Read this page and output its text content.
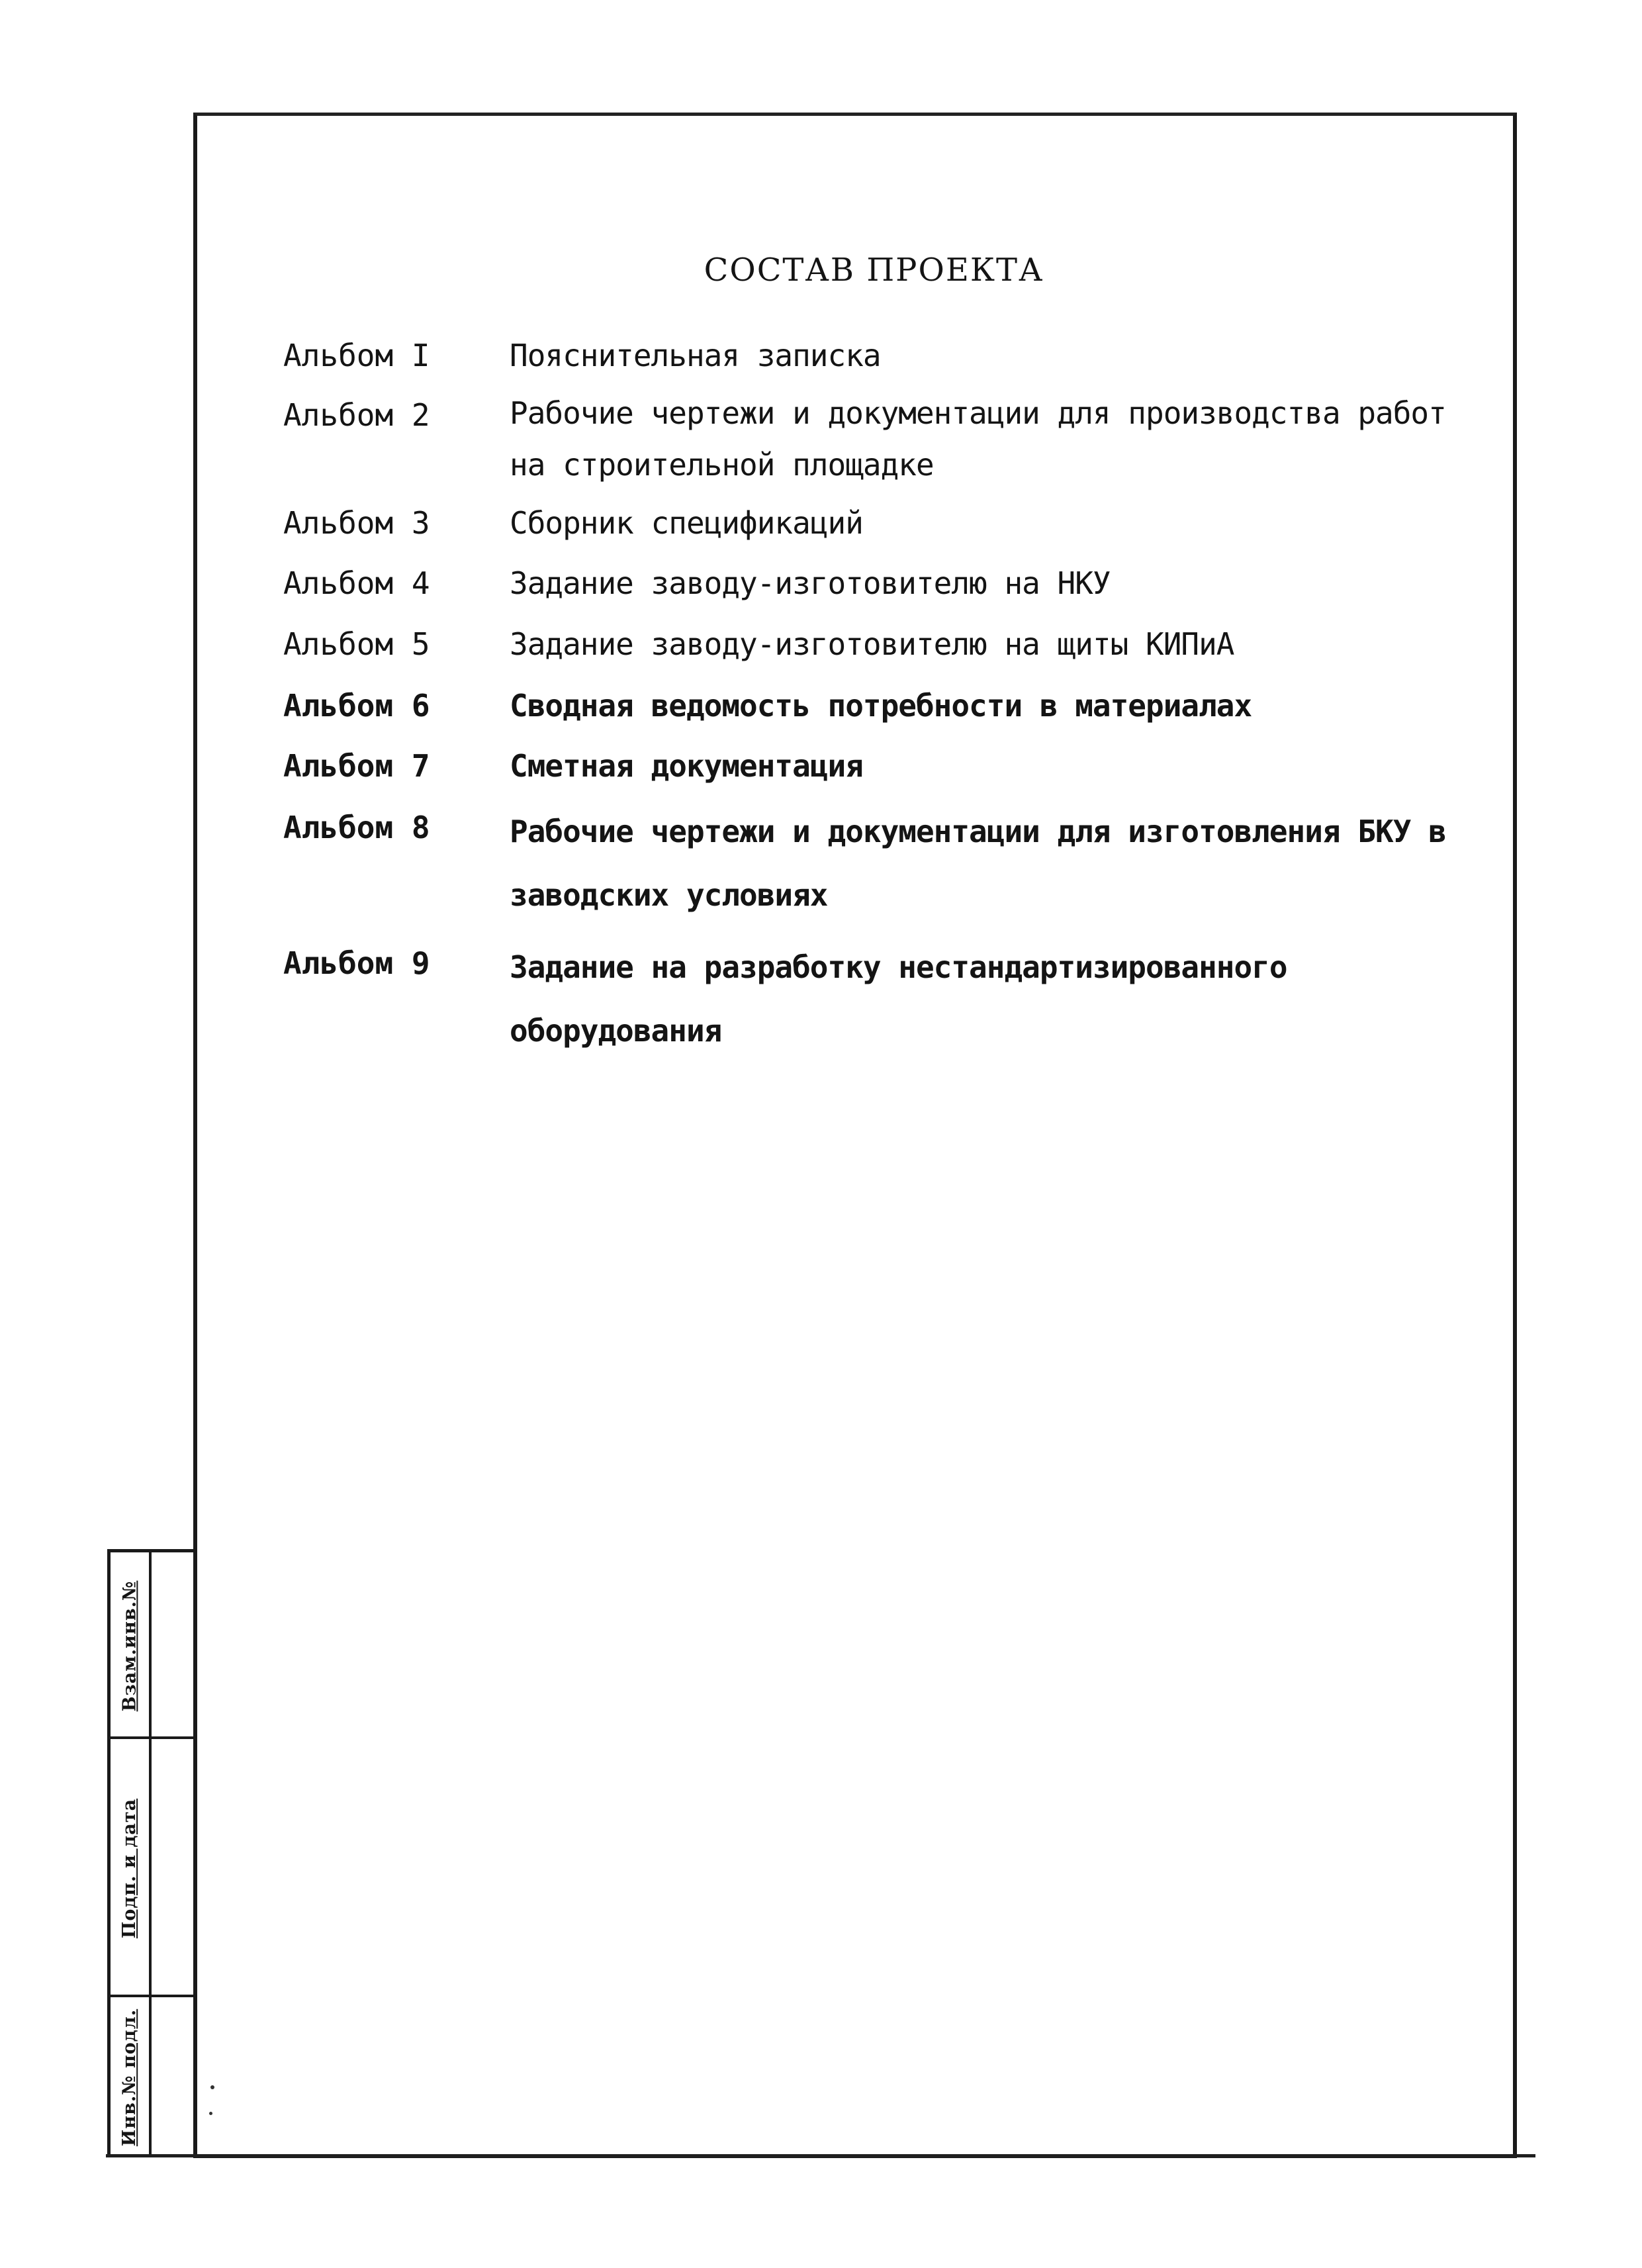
Взам.инв.№
Подп. и дата
Инв.№ подл.
СОСТАВ ПРОЕКТА
Альбом I	Пояснительная записка
Альбом 2	Рабочие чертежи и документации для производства работ на строительной площадке
Альбом 3	Сборник спецификаций
Альбом 4	Задание заводу-изготовителю на НКУ
Альбом 5	Задание заводу-изготовителю на щиты КИПиА
Альбом 6	Сводная ведомость потребности в материалах
Альбом 7	Сметная документация
Альбом 8	Рабочие чертежи и документации для изготовления БКУ в заводских условиях
Альбом 9	Задание на разработку нестандартизированного оборудования
